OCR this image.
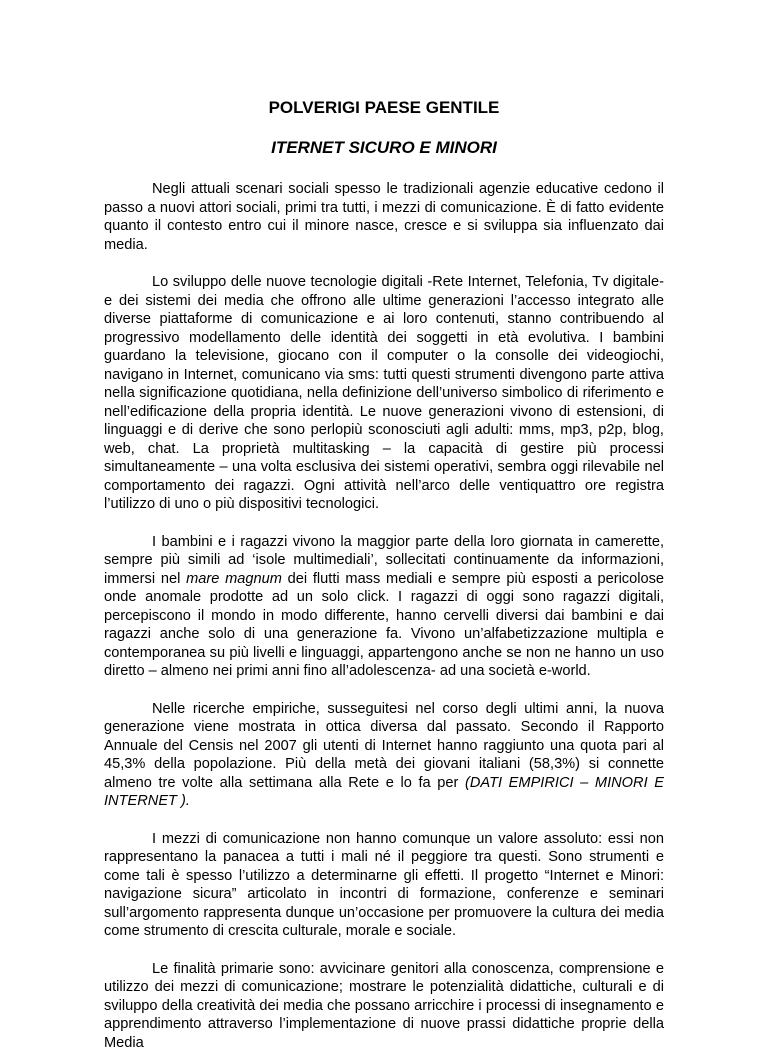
POLVERIGI PAESE GENTILE
ITERNET SICURO E MINORI

Negli attuali scenari sociali spesso le tradizionali agenzie educative cedono il passo a nuovi attori sociali, primi tra tutti, i mezzi di comunicazione. È di fatto evidente quanto il contesto entro cui il minore nasce, cresce e si sviluppa sia influenzato dai media.

Lo sviluppo delle nuove tecnologie digitali -Rete Internet, Telefonia, Tv digitale- e dei sistemi dei media che offrono alle ultime generazioni l’accesso integrato alle diverse piattaforme di comunicazione e ai loro contenuti, stanno contribuendo al progressivo modellamento delle identità dei soggetti in età evolutiva. I bambini guardano la televisione, giocano con il computer o la consolle dei videogiochi, navigano in Internet, comunicano via sms: tutti questi strumenti divengono parte attiva nella significazione quotidiana, nella definizione dell’universo simbolico di riferimento e nell’edificazione della propria identità. Le nuove generazioni vivono di estensioni, di linguaggi e di derive che sono perlopiù sconosciuti agli adulti: mms, mp3, p2p, blog, web, chat. La proprietà multitasking – la capacità di gestire più processi simultaneamente – una volta esclusiva dei sistemi operativi, sembra oggi rilevabile nel comportamento dei ragazzi. Ogni attività nell’arco delle ventiquattro ore registra l’utilizzo di uno o più dispositivi tecnologici.

I bambini e i ragazzi vivono la maggior parte della loro giornata in camerette, sempre più simili ad ‘isole multimediali’, sollecitati continuamente da informazioni, immersi nel mare magnum dei flutti mass mediali e sempre più esposti a pericolose onde anomale prodotte ad un solo click. I ragazzi di oggi sono ragazzi digitali, percepiscono il mondo in modo differente, hanno cervelli diversi dai bambini e dai ragazzi anche solo di una generazione fa. Vivono un’alfabetizzazione multipla e contemporanea su più livelli e linguaggi, appartengono anche se non ne hanno un uso diretto – almeno nei primi anni fino all’adolescenza- ad una società e-world.

Nelle ricerche empiriche, susseguitesi nel corso degli ultimi anni, la nuova generazione viene mostrata in ottica diversa dal passato. Secondo il Rapporto Annuale del Censis nel 2007 gli utenti di Internet hanno raggiunto una quota pari al 45,3% della popolazione. Più della metà dei giovani italiani (58,3%) si connette almeno tre volte alla settimana alla Rete e lo fa per (DATI EMPIRICI – MINORI E INTERNET ).

I mezzi di comunicazione non hanno comunque un valore assoluto: essi non rappresentano la panacea a tutti i mali né il peggiore tra questi. Sono strumenti e come tali è spesso l’utilizzo a determinarne gli effetti. Il progetto “Internet e Minori: navigazione sicura” articolato in incontri di formazione, conferenze e seminari sull’argomento rappresenta dunque un’occasione per promuovere la cultura dei media come strumento di crescita culturale, morale e sociale.

Le finalità primarie sono: avvicinare genitori alla conoscenza, comprensione e utilizzo dei mezzi di comunicazione; mostrare le potenzialità didattiche, culturali e di sviluppo della creatività dei media che possano arricchire i processi di insegnamento e apprendimento attraverso l’implementazione di nuove prassi didattiche proprie della Media
